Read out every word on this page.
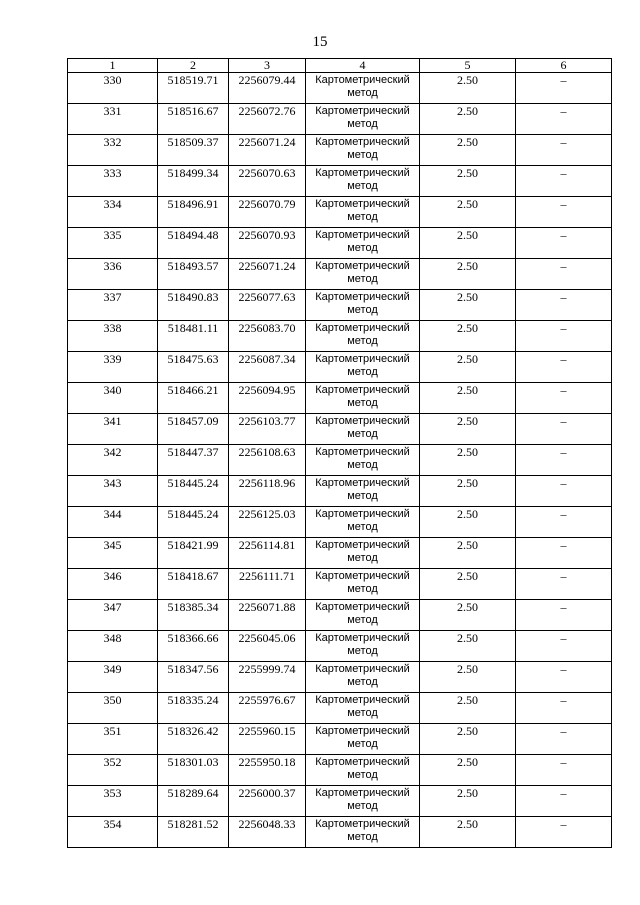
15
1	2	3	4	5	6
330	518519.71	2256079.44	Картометрический метод	2.50	–
331	518516.67	2256072.76	Картометрический метод	2.50	–
332	518509.37	2256071.24	Картометрический метод	2.50	–
333	518499.34	2256070.63	Картометрический метод	2.50	–
334	518496.91	2256070.79	Картометрический метод	2.50	–
335	518494.48	2256070.93	Картометрический метод	2.50	–
336	518493.57	2256071.24	Картометрический метод	2.50	–
337	518490.83	2256077.63	Картометрический метод	2.50	–
338	518481.11	2256083.70	Картометрический метод	2.50	–
339	518475.63	2256087.34	Картометрический метод	2.50	–
340	518466.21	2256094.95	Картометрический метод	2.50	–
341	518457.09	2256103.77	Картометрический метод	2.50	–
342	518447.37	2256108.63	Картометрический метод	2.50	–
343	518445.24	2256118.96	Картометрический метод	2.50	–
344	518445.24	2256125.03	Картометрический метод	2.50	–
345	518421.99	2256114.81	Картометрический метод	2.50	–
346	518418.67	2256111.71	Картометрический метод	2.50	–
347	518385.34	2256071.88	Картометрический метод	2.50	–
348	518366.66	2256045.06	Картометрический метод	2.50	–
349	518347.56	2255999.74	Картометрический метод	2.50	–
350	518335.24	2255976.67	Картометрический метод	2.50	–
351	518326.42	2255960.15	Картометрический метод	2.50	–
352	518301.03	2255950.18	Картометрический метод	2.50	–
353	518289.64	2256000.37	Картометрический метод	2.50	–
354	518281.52	2256048.33	Картометрический метод	2.50	–
